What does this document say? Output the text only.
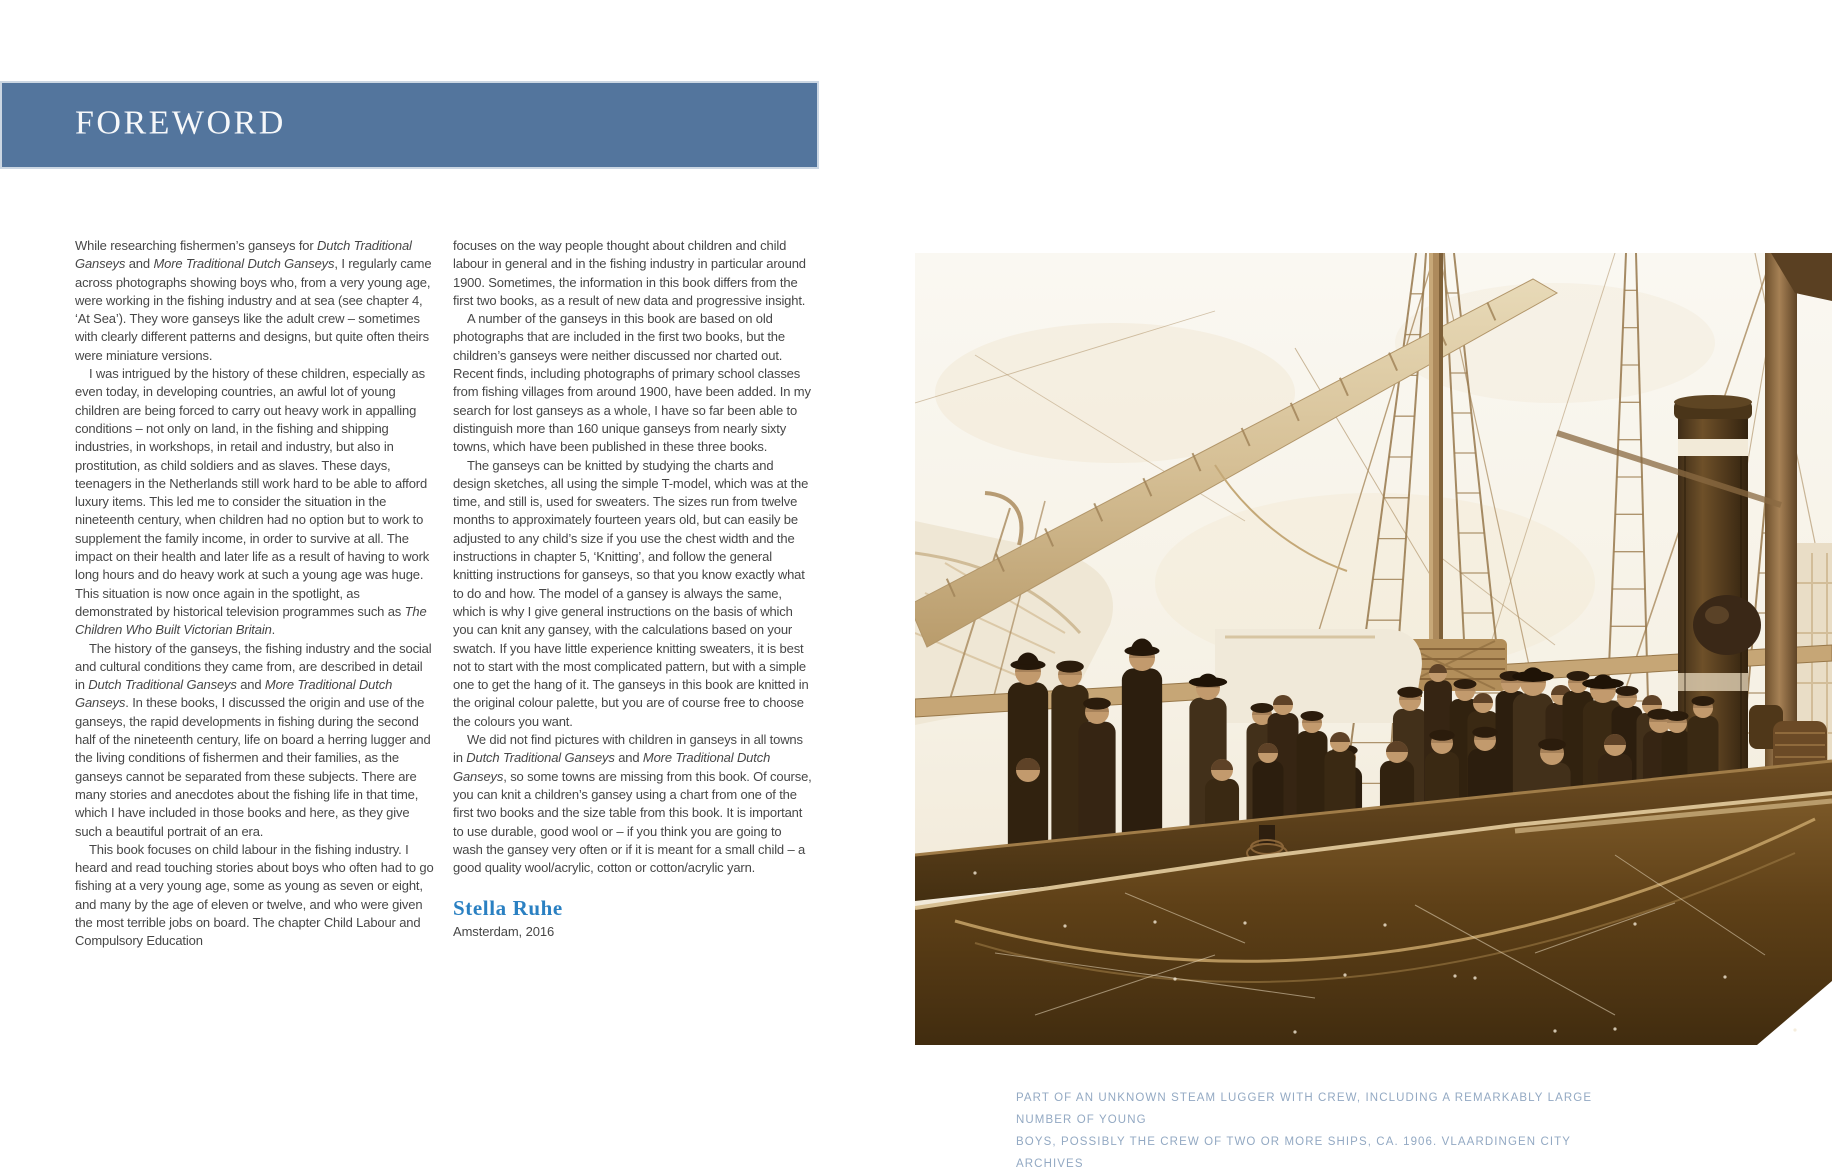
FOREWORD

While researching fishermen’s ganseys for Dutch Traditional Ganseys and More Traditional Dutch Ganseys, I regularly came across photographs showing boys who, from a very young age, were working in the fishing industry and at sea (see chapter 4, ‘At Sea’). They wore ganseys like the adult crew – sometimes with clearly different patterns and designs, but quite often theirs were miniature versions.

I was intrigued by the history of these children, especially as even today, in developing countries, an awful lot of young children are being forced to carry out heavy work in appalling conditions – not only on land, in the fishing and shipping industries, in workshops, in retail and industry, but also in prostitution, as child soldiers and as slaves. These days, teenagers in the Netherlands still work hard to be able to afford luxury items. This led me to consider the situation in the nineteenth century, when children had no option but to work to supplement the family income, in order to survive at all. The impact on their health and later life as a result of having to work long hours and do heavy work at such a young age was huge. This situation is now once again in the spotlight, as demonstrated by historical television programmes such as The Children Who Built Victorian Britain.

The history of the ganseys, the fishing industry and the social and cultural conditions they came from, are described in detail in Dutch Traditional Ganseys and More Traditional Dutch Ganseys. In these books, I discussed the origin and use of the ganseys, the rapid developments in fishing during the second half of the nineteenth century, life on board a herring lugger and the living conditions of fishermen and their families, as the ganseys cannot be separated from these subjects. There are many stories and anecdotes about the fishing life in that time, which I have included in those books and here, as they give such a beautiful portrait of an era.

This book focuses on child labour in the fishing industry. I heard and read touching stories about boys who often had to go fishing at a very young age, some as young as seven or eight, and many by the age of eleven or twelve, and who were given the most terrible jobs on board. The chapter Child Labour and Compulsory Education

focuses on the way people thought about children and child labour in general and in the fishing industry in particular around 1900. Sometimes, the information in this book differs from the first two books, as a result of new data and progressive insight.

A number of the ganseys in this book are based on old photographs that are included in the first two books, but the children’s ganseys were neither discussed nor charted out. Recent finds, including photographs of primary school classes from fishing villages from around 1900, have been added. In my search for lost ganseys as a whole, I have so far been able to distinguish more than 160 unique ganseys from nearly sixty towns, which have been published in these three books.

The ganseys can be knitted by studying the charts and design sketches, all using the simple T-model, which was at the time, and still is, used for sweaters. The sizes run from twelve months to approximately fourteen years old, but can easily be adjusted to any child’s size if you use the chest width and the instructions in chapter 5, ‘Knitting’, and follow the general knitting instructions for ganseys, so that you know exactly what to do and how. The model of a gansey is always the same, which is why I give general instructions on the basis of which you can knit any gansey, with the calculations based on your swatch. If you have little experience knitting sweaters, it is best not to start with the most complicated pattern, but with a simple one to get the hang of it. The ganseys in this book are knitted in the original colour palette, but you are of course free to choose the colours you want.

We did not find pictures with children in ganseys in all towns in Dutch Traditional Ganseys and More Traditional Dutch Ganseys, so some towns are missing from this book. Of course, you can knit a children’s gansey using a chart from one of the first two books and the size table from this book. It is important to use durable, good wool or – if you think you are going to wash the gansey very often or if it is meant for a small child – a good quality wool/acrylic, cotton or cotton/acrylic yarn.

Stella Ruhe
Amsterdam, 2016
PART OF AN UNKNOWN STEAM LUGGER WITH CREW, INCLUDING A REMARKABLY LARGE NUMBER OF YOUNG
BOYS, POSSIBLY THE CREW OF TWO OR MORE SHIPS, CA. 1906. VLAARDINGEN CITY ARCHIVES
